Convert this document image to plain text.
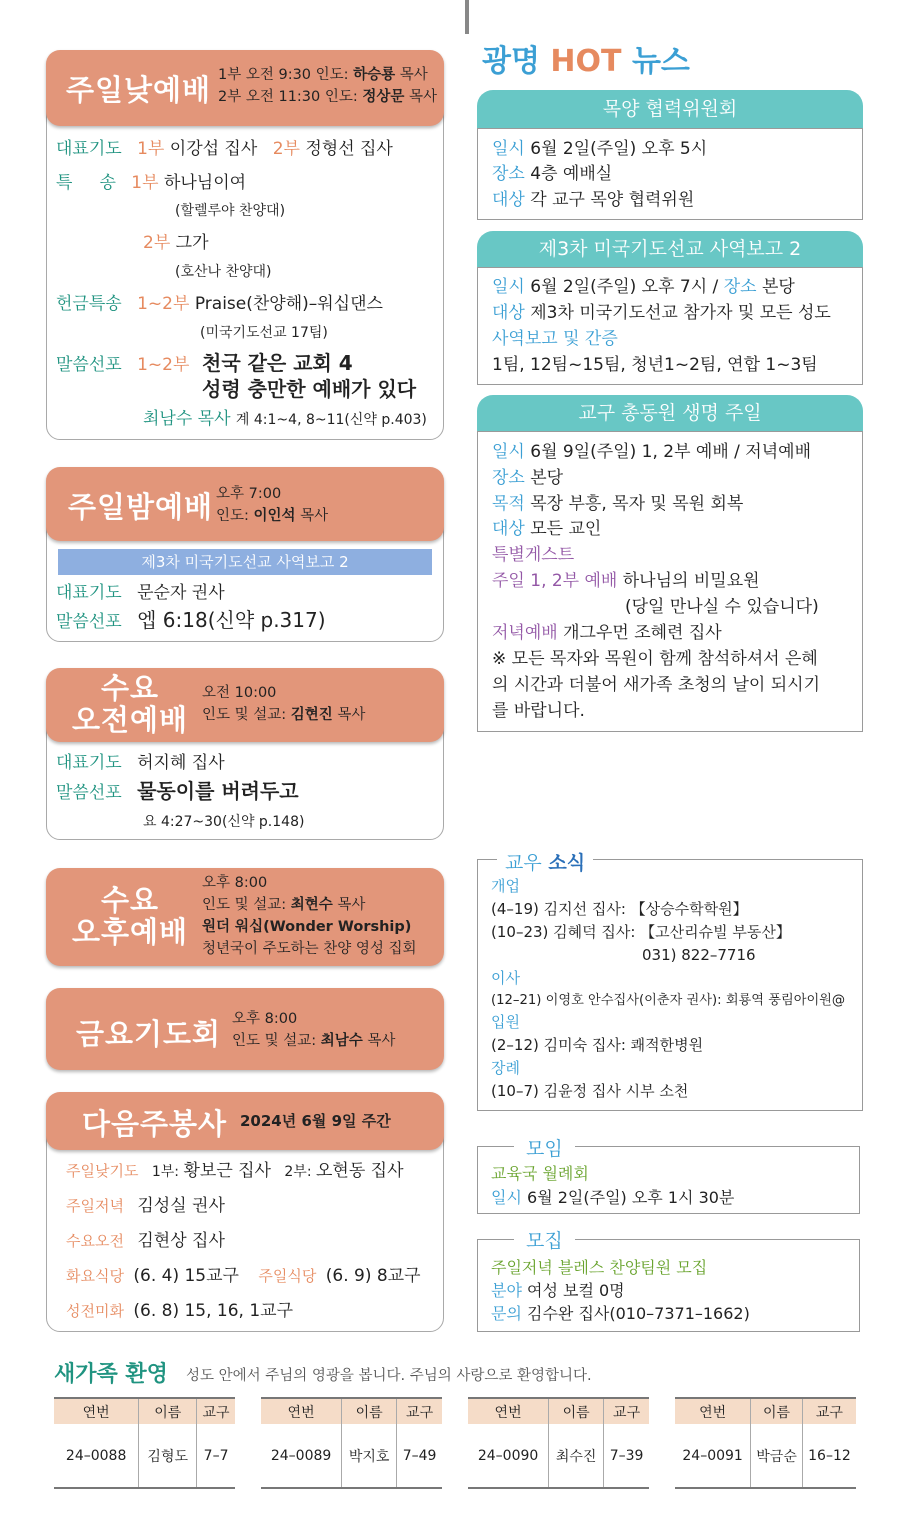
광명 HOT 뉴스
주일낮예배 1부 오전 9:30 인도: 하승룡 목사
2부 오전 11:30 인도: 정상문 목사
대표기도 1부 이강섭 집사 2부 정형선 집사
특     송 1부 하나님이여
(할렐루야 찬양대)
2부 그가
(호산나 찬양대)
헌금특송 1~2부 Praise(찬양해)–워십댄스
(미국기도선교 17팀)
말씀선포 1~2부 천국 같은 교회 4
성령 충만한 예배가 있다
최남수 목사 계 4:1~4, 8~11(신약 p.403)
주일밤예배 오후 7:00
인도: 이인석 목사
제3차 미국기도선교 사역보고 2
대표기도 문순자 권사
말씀선포 엡 6:18(신약 p.317)
수요
오전예배
오전 10:00
인도 및 설교: 김현진 목사
대표기도 허지혜 집사
말씀선포 물동이를 버려두고
요 4:27~30(신약 p.148)
수요
오후예배
오후 8:00
인도 및 설교: 최현수 목사
원더 워십(Wonder Worship)
청년국이 주도하는 찬양 영성 집회
금요기도회 오후 8:00
인도 및 설교: 최남수 목사
다음주봉사 2024년 6월 9일 주간
주일낮기도 1부: 황보근 집사 2부: 오현동 집사
주일저녁 김성실 권사
수요오전 김현상 집사
화요식당 (6. 4) 15교구 주일식당 (6. 9) 8교구
성전미화 (6. 8) 15, 16, 1교구
목양 협력위원회
일시 6월 2일(주일) 오후 5시
장소 4층 예배실
대상 각 교구 목양 협력위원
제3차 미국기도선교 사역보고 2
일시 6월 2일(주일) 오후 7시 / 장소 본당
대상 제3차 미국기도선교 참가자 및 모든 성도
사역보고 및 간증
1팀, 12팀~15팀, 청년1~2팀, 연합 1~3팀
교구 총동원 생명 주일
일시 6월 9일(주일) 1, 2부 예배 / 저녁예배
장소 본당
목적 목장 부흥, 목자 및 목원 회복
대상 모든 교인
특별게스트
주일 1, 2부 예배 하나님의 비밀요원
(당일 만나실 수 있습니다)
저녁예배 개그우먼 조혜련 집사
※ 모든 목자와 목원이 함께 참석하셔서 은혜
의 시간과 더불어 새가족 초청의 날이 되시기
를 바랍니다.
교우 소식
개업
(4–19) 김지선 집사: 【상승수학학원】
(10–23) 김혜덕 집사: 【고산리슈빌 부동산】
031) 822–7716
이사
(12–21) 이영호 안수집사(이춘자 권사): 회룡역 풍림아이원@
입원
(2–12) 김미숙 집사: 쾌적한병원
장례
(10–7) 김윤정 집사 시부 소천
모임
교육국 월례회
일시 6월 2일(주일) 오후 1시 30분
모집
주일저녁 블레스 찬양팀원 모집
분야 여성 보컬 0명
문의 김수완 집사(010–7371–1662)
새가족 환영 성도 안에서 주님의 영광을 봅니다. 주님의 사랑으로 환영합니다.
연번	이름	교구
24–0088	김형도	7–7
연번	이름	교구
24–0089	박지호	7–49
연번	이름	교구
24–0090	최수진	7–39
연번	이름	교구
24–0091	박금순	16–12
